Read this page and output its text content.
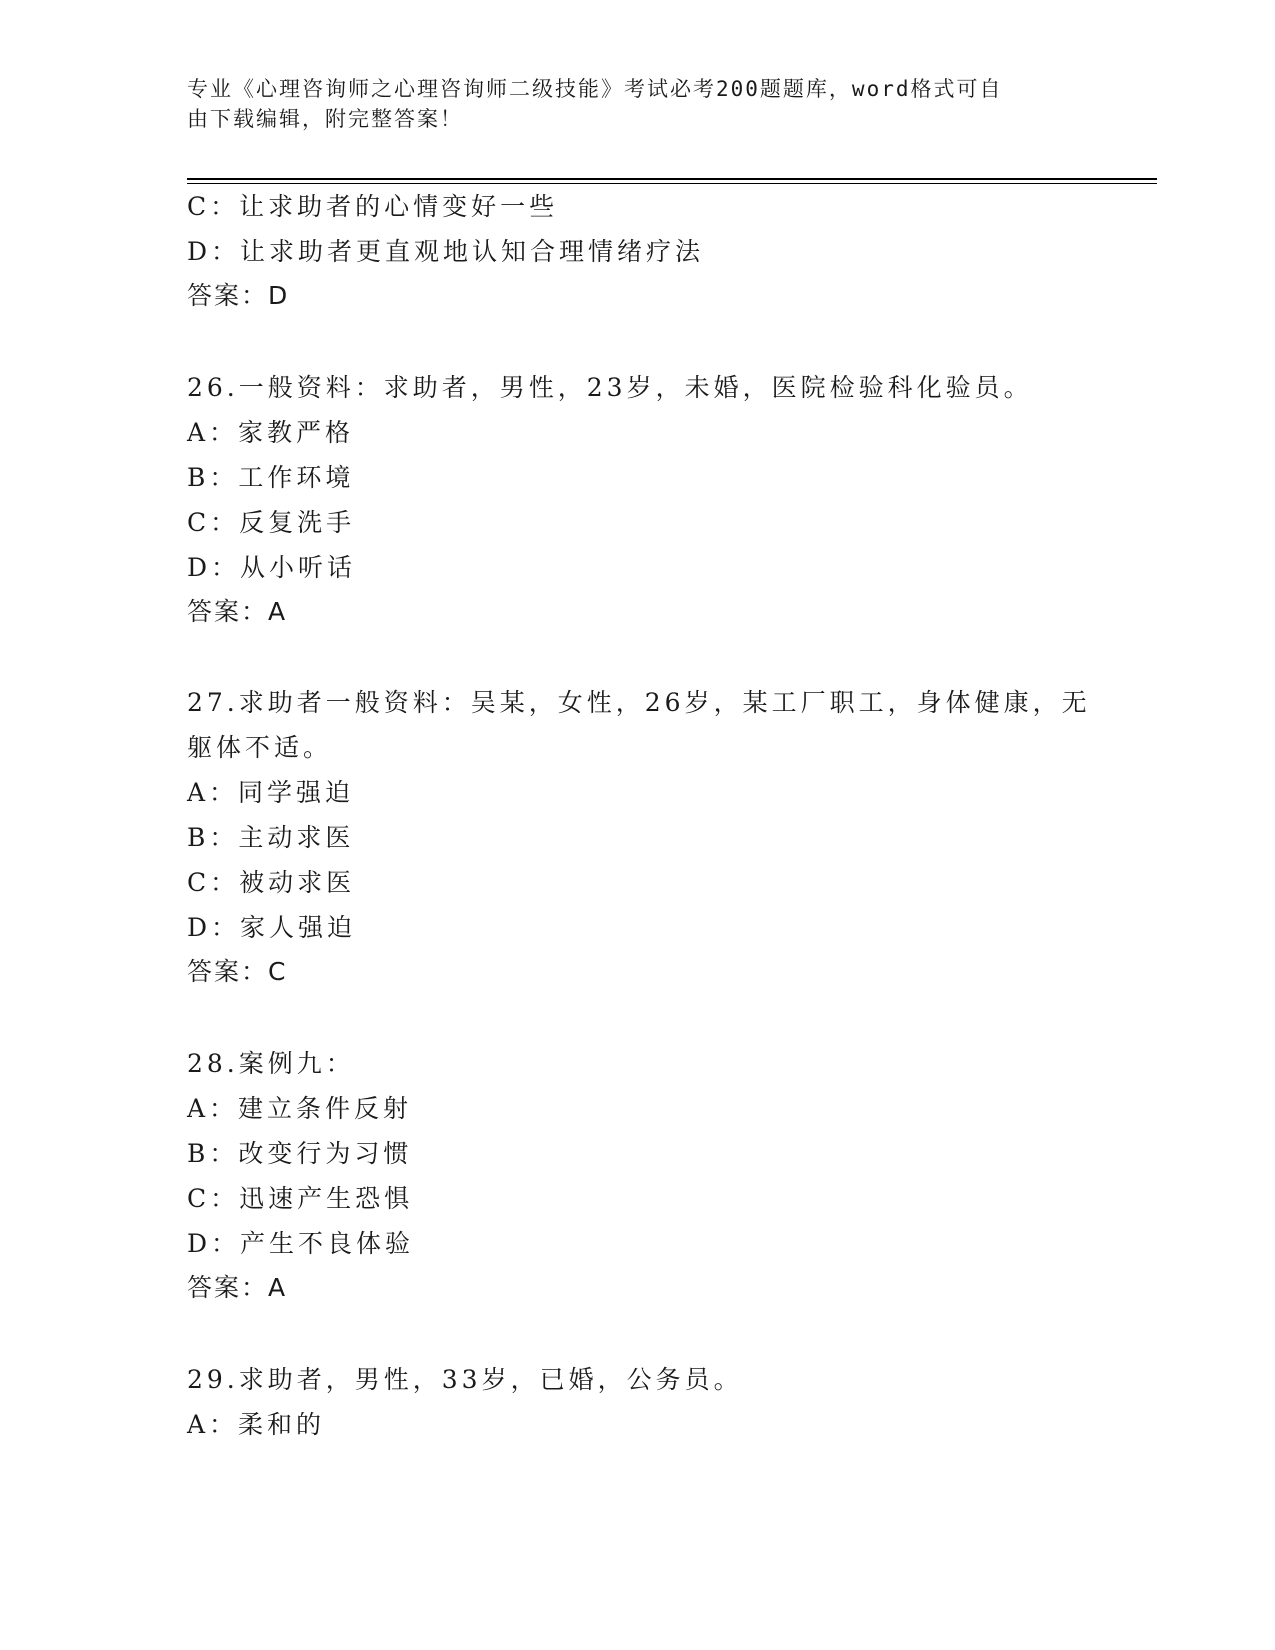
专业《心理咨询师之心理咨询师二级技能》考试必考200题题库，word格式可自
由下载编辑，附完整答案！
C：让求助者的心情变好一些
D：让求助者更直观地认知合理情绪疗法
答案：D
26.一般资料：求助者，男性，23岁，未婚，医院检验科化验员。
A：家教严格
B：工作环境
C：反复洗手
D：从小听话
答案：A
27.求助者一般资料：吴某，女性，26岁，某工厂职工，身体健康，无
躯体不适。
A：同学强迫
B：主动求医
C：被动求医
D：家人强迫
答案：C
28.案例九：
A：建立条件反射
B：改变行为习惯
C：迅速产生恐惧
D：产生不良体验
答案：A
29.求助者，男性，33岁，已婚，公务员。
A：柔和的
